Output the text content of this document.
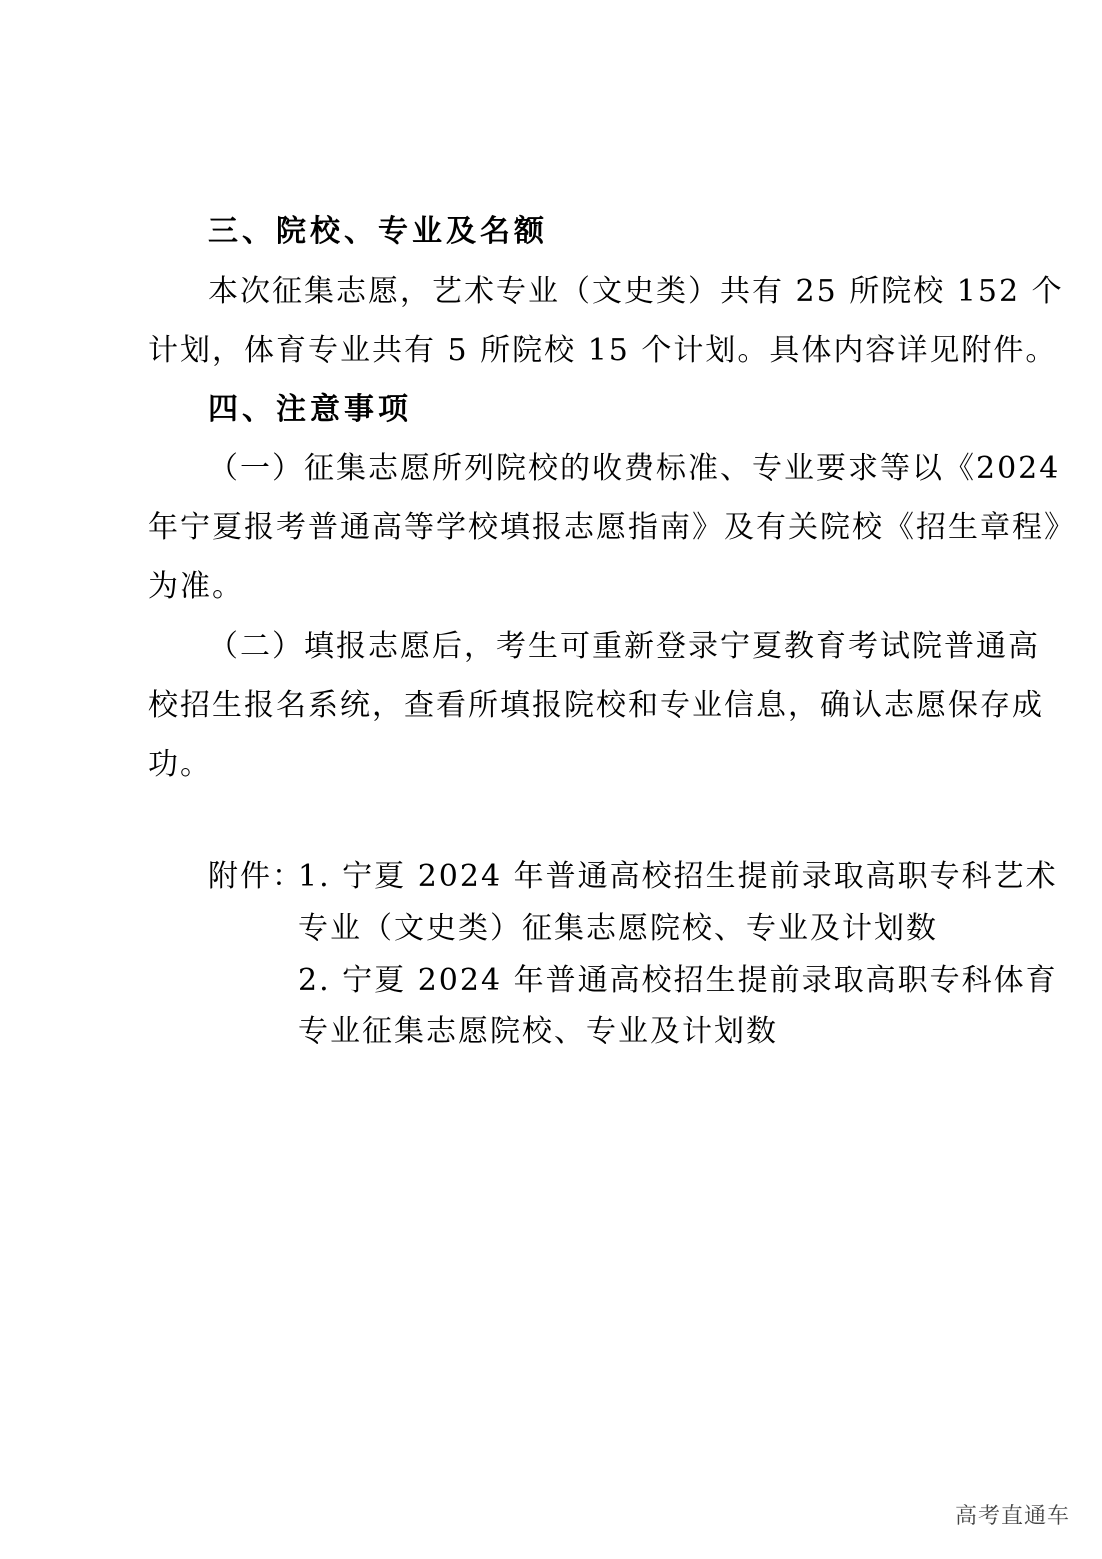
三、院校、专业及名额
本次征集志愿，艺术专业（文史类）共有 25 所院校 152 个
计划，体育专业共有 5 所院校 15 个计划。具体内容详见附件。
四、注意事项
（一）征集志愿所列院校的收费标准、专业要求等以《2024
年宁夏报考普通高等学校填报志愿指南》及有关院校《招生章程》
为准。
（二）填报志愿后，考生可重新登录宁夏教育考试院普通高
校招生报名系统，查看所填报院校和专业信息，确认志愿保存成
功。
附件：
1. 宁夏 2024 年普通高校招生提前录取高职专科艺术
专业（文史类）征集志愿院校、专业及计划数
2. 宁夏 2024 年普通高校招生提前录取高职专科体育
专业征集志愿院校、专业及计划数
高考直通车
